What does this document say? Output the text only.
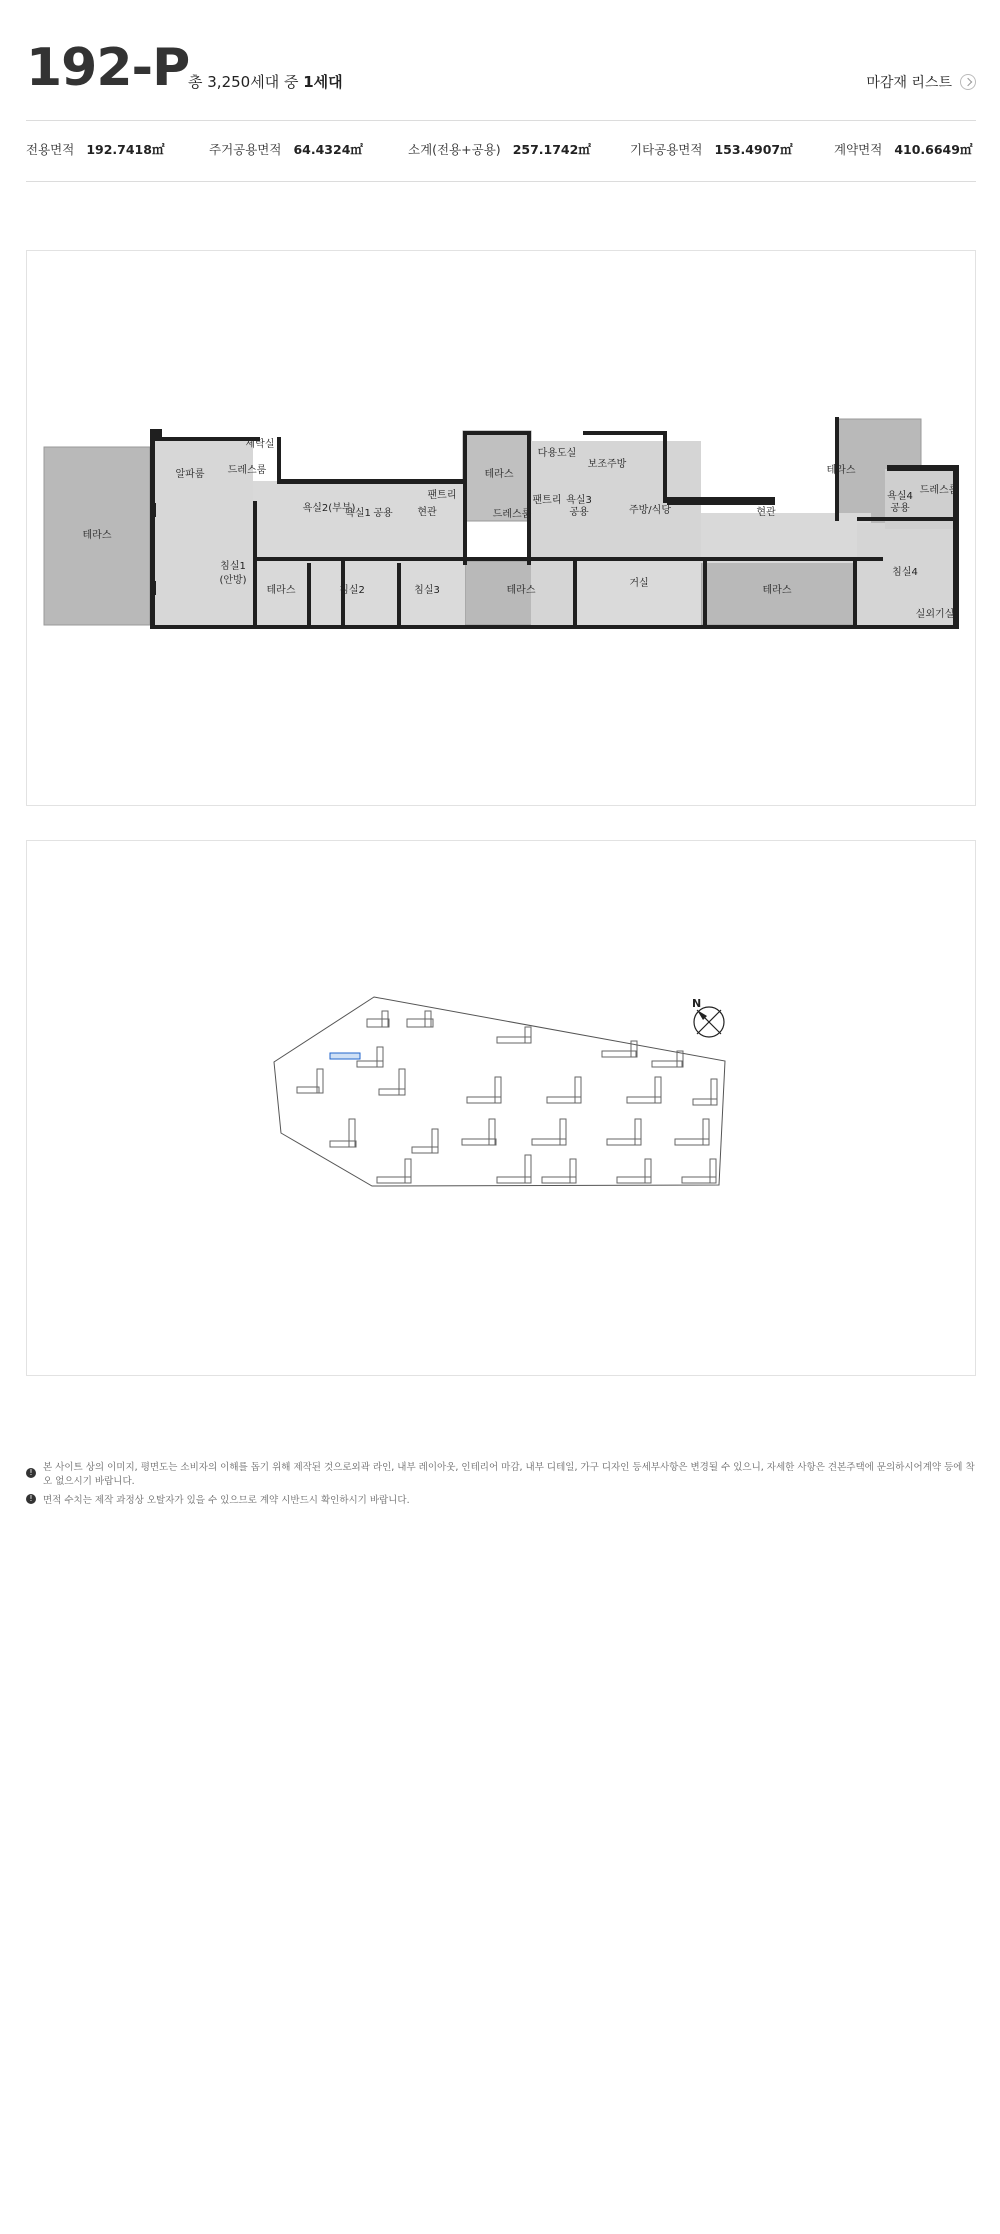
192-P
총 3,250세대 중 1세대	마감재 리스트
전용면적 192.7418㎡	주거공용면적 64.4324㎡	소계(전용+공용) 257.1742㎡	기타공용면적 153.4907㎡	계약면적 410.6649㎡
테라스
세탁실
드레스룸
알파룸
욕실2(부부)
욕실1 공용
팬트리
현관
테라스
다용도실
보조주방
팬트리 욕실3
공용
드레스룸	주방/식당	현관
테라스
욕실4
공용
드레스룸
침실1
(안방)
테라스	침실2	침실3	테라스
거실
테라스
침실4
실외기실
N
!	본 사이트 상의 이미지, 평면도는 소비자의 이해를 돕기 위해 제작된 것으로외곽 라인, 내부 레이아웃, 인테리어 마감, 내부 디테일, 가구 디자인 등세부사항은 변경될 수 있으니, 자세한 사항은 견본주택에 문의하시어계약 등에 착오 없으시기 바랍니다.
!	면적 수치는 제작 과정상 오탈자가 있을 수 있으므로 계약 시반드시 확인하시기 바랍니다.
